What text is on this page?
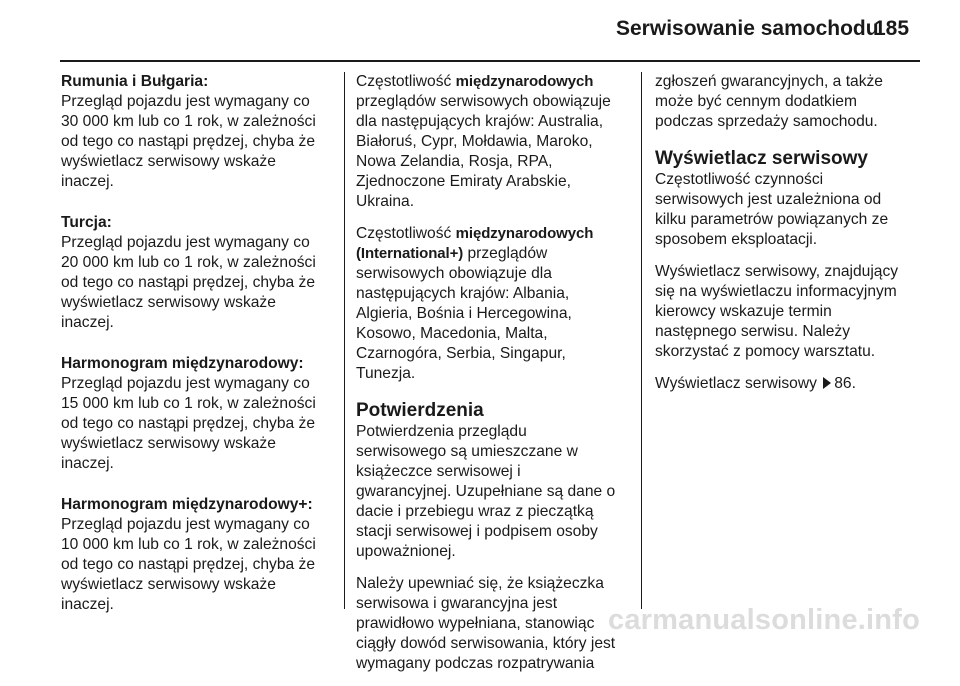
Serwisowanie samochodu
185
Rumunia i Bułgaria:
Przegląd pojazdu jest wymagany co
30 000 km lub co 1 rok, w zależności
od tego co nastąpi prędzej, chyba że
wyświetlacz serwisowy wskaże
inaczej.
Turcja:
Przegląd pojazdu jest wymagany co
20 000 km lub co 1 rok, w zależności
od tego co nastąpi prędzej, chyba że
wyświetlacz serwisowy wskaże
inaczej.
Harmonogram międzynarodowy:
Przegląd pojazdu jest wymagany co
15 000 km lub co 1 rok, w zależności
od tego co nastąpi prędzej, chyba że
wyświetlacz serwisowy wskaże
inaczej.
Harmonogram międzynarodowy+:
Przegląd pojazdu jest wymagany co
10 000 km lub co 1 rok, w zależności
od tego co nastąpi prędzej, chyba że
wyświetlacz serwisowy wskaże
inaczej.
Częstotliwość międzynarodowych
przeglądów serwisowych obowiązuje
dla następujących krajów: Australia,
Białoruś, Cypr, Mołdawia, Maroko,
Nowa Zelandia, Rosja, RPA,
Zjednoczone Emiraty Arabskie,
Ukraina.
Częstotliwość międzynarodowych
(International+) przeglądów
serwisowych obowiązuje dla
następujących krajów: Albania,
Algieria, Bośnia i Hercegowina,
Kosowo, Macedonia, Malta,
Czarnogóra, Serbia, Singapur,
Tunezja.
Potwierdzenia
Potwierdzenia przeglądu
serwisowego są umieszczane w
książeczce serwisowej i
gwarancyjnej. Uzupełniane są dane o
dacie i przebiegu wraz z pieczątką
stacji serwisowej i podpisem osoby
upoważnionej.
Należy upewniać się, że książeczka
serwisowa i gwarancyjna jest
prawidłowo wypełniana, stanowiąc
ciągły dowód serwisowania, który jest
wymagany podczas rozpatrywania
zgłoszeń gwarancyjnych, a także
może być cennym dodatkiem
podczas sprzedaży samochodu.
Wyświetlacz serwisowy
Częstotliwość czynności
serwisowych jest uzależniona od
kilku parametrów powiązanych ze
sposobem eksploatacji.
Wyświetlacz serwisowy, znajdujący
się na wyświetlaczu informacyjnym
kierowcy wskazuje termin
następnego serwisu. Należy
skorzystać z pomocy warsztatu.
Wyświetlacz serwisowy 86.
carmanualsonline.info
